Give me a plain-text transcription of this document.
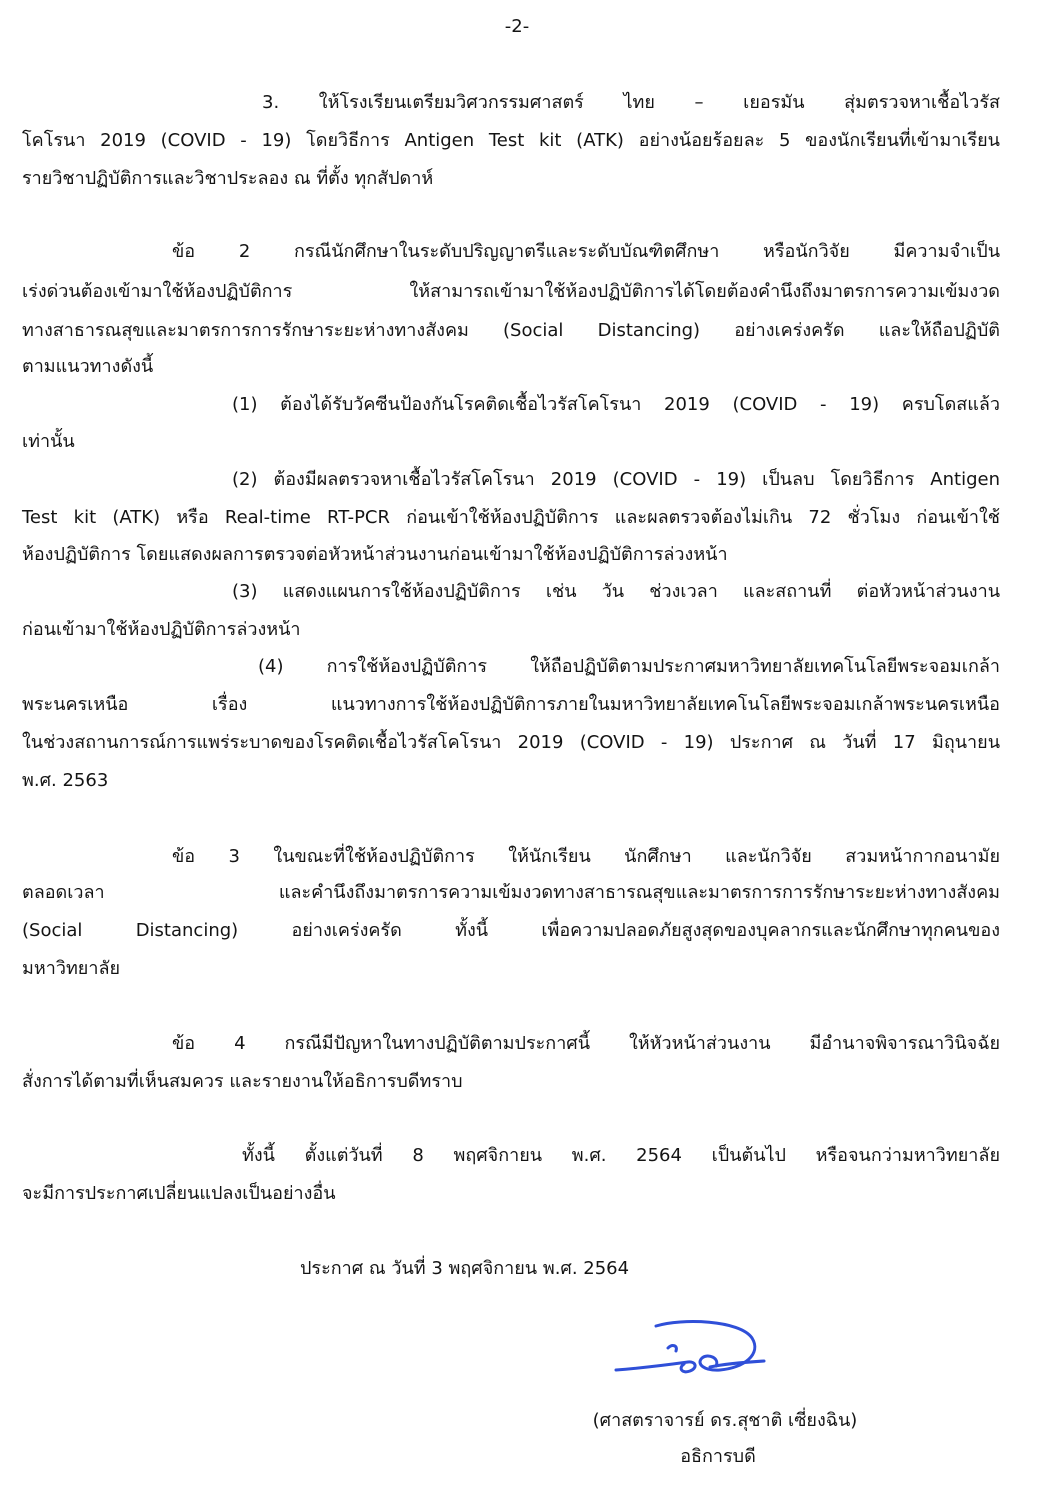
-2-
3. ให้โรงเรียนเตรียมวิศวกรรมศาสตร์ ไทย – เยอรมัน สุ่มตรวจหาเชื้อไวรัส
โคโรนา 2019 (COVID - 19) โดยวิธีการ Antigen Test kit (ATK) อย่างน้อยร้อยละ 5 ของนักเรียนที่เข้ามาเรียน
รายวิชาปฏิบัติการและวิชาประลอง ณ ที่ตั้ง ทุกสัปดาห์
ข้อ 2 กรณีนักศึกษาในระดับปริญญาตรีและระดับบัณฑิตศึกษา หรือนักวิจัย มีความจำเป็น
เร่งด่วนต้องเข้ามาใช้ห้องปฏิบัติการ ให้สามารถเข้ามาใช้ห้องปฏิบัติการได้โดยต้องคำนึงถึงมาตรการความเข้มงวด
ทางสาธารณสุขและมาตรการการรักษาระยะห่างทางสังคม (Social Distancing) อย่างเคร่งครัด และให้ถือปฏิบัติ
ตามแนวทางดังนี้
(1) ต้องได้รับวัคซีนป้องกันโรคติดเชื้อไวรัสโคโรนา 2019 (COVID - 19) ครบโดสแล้ว
เท่านั้น
(2) ต้องมีผลตรวจหาเชื้อไวรัสโคโรนา 2019 (COVID - 19) เป็นลบ โดยวิธีการ Antigen
Test kit (ATK) หรือ Real-time RT-PCR ก่อนเข้าใช้ห้องปฏิบัติการ และผลตรวจต้องไม่เกิน 72 ชั่วโมง ก่อนเข้าใช้
ห้องปฏิบัติการ โดยแสดงผลการตรวจต่อหัวหน้าส่วนงานก่อนเข้ามาใช้ห้องปฏิบัติการล่วงหน้า
(3) แสดงแผนการใช้ห้องปฏิบัติการ เช่น วัน ช่วงเวลา และสถานที่ ต่อหัวหน้าส่วนงาน
ก่อนเข้ามาใช้ห้องปฏิบัติการล่วงหน้า
(4) การใช้ห้องปฏิบัติการ ให้ถือปฏิบัติตามประกาศมหาวิทยาลัยเทคโนโลยีพระจอมเกล้า
พระนครเหนือ เรื่อง แนวทางการใช้ห้องปฏิบัติการภายในมหาวิทยาลัยเทคโนโลยีพระจอมเกล้าพระนครเหนือ
ในช่วงสถานการณ์การแพร่ระบาดของโรคติดเชื้อไวรัสโคโรนา 2019 (COVID - 19) ประกาศ ณ วันที่ 17 มิถุนายน
พ.ศ. 2563
ข้อ 3 ในขณะที่ใช้ห้องปฏิบัติการ ให้นักเรียน นักศึกษา และนักวิจัย สวมหน้ากากอนามัย
ตลอดเวลา และคำนึงถึงมาตรการความเข้มงวดทางสาธารณสุขและมาตรการการรักษาระยะห่างทางสังคม
(Social Distancing) อย่างเคร่งครัด ทั้งนี้ เพื่อความปลอดภัยสูงสุดของบุคลากรและนักศึกษาทุกคนของ
มหาวิทยาลัย
ข้อ 4 กรณีมีปัญหาในทางปฏิบัติตามประกาศนี้ ให้หัวหน้าส่วนงาน มีอำนาจพิจารณาวินิจฉัย
สั่งการได้ตามที่เห็นสมควร และรายงานให้อธิการบดีทราบ
ทั้งนี้ ตั้งแต่วันที่ 8 พฤศจิกายน พ.ศ. 2564 เป็นต้นไป หรือจนกว่ามหาวิทยาลัย
จะมีการประกาศเปลี่ยนแปลงเป็นอย่างอื่น
ประกาศ ณ วันที่ 3 พฤศจิกายน พ.ศ. 2564
(ศาสตราจารย์ ดร.สุชาติ เซี่ยงฉิน)
อธิการบดี
